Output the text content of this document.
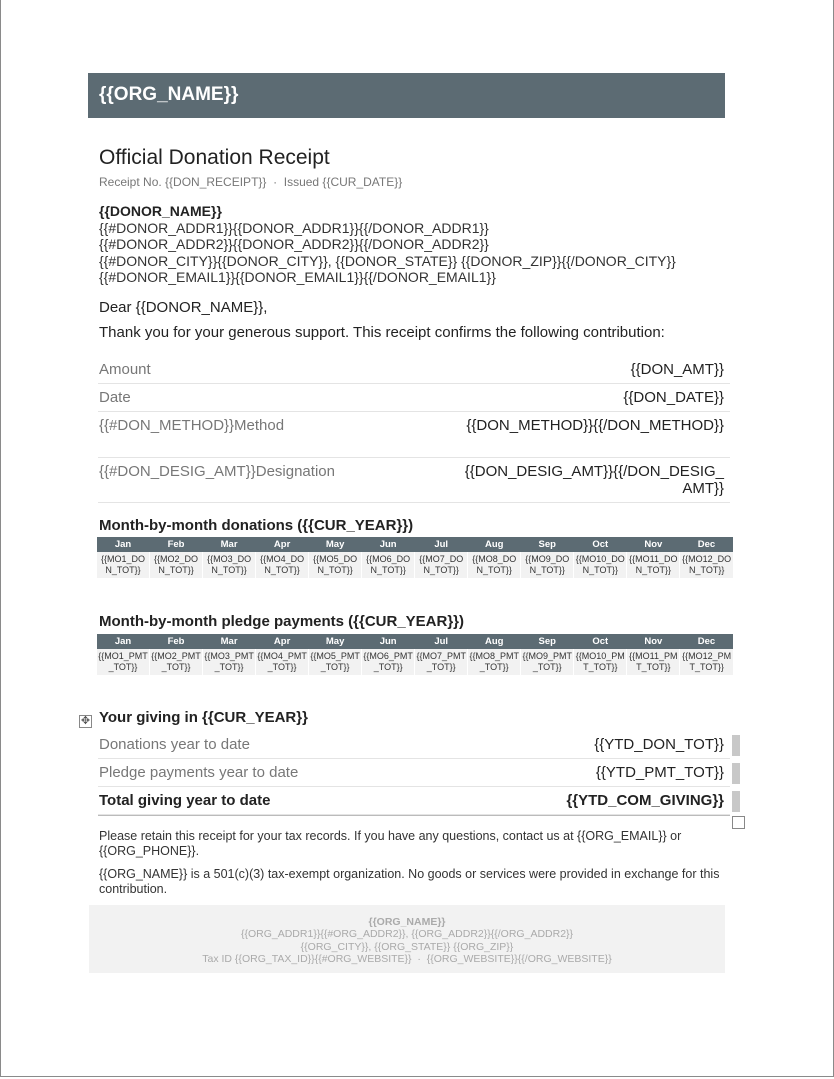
{{ORG_NAME}}
Official Donation Receipt
Receipt No. {{DON_RECEIPT}}  ·  Issued {{CUR_DATE}}
{{DONOR_NAME}}
{{#DONOR_ADDR1}}{{DONOR_ADDR1}}{{/DONOR_ADDR1}}
{{#DONOR_ADDR2}}{{DONOR_ADDR2}}{{/DONOR_ADDR2}}
{{#DONOR_CITY}}{{DONOR_CITY}}, {{DONOR_STATE}} {{DONOR_ZIP}}{{/DONOR_CITY}}
{{#DONOR_EMAIL1}}{{DONOR_EMAIL1}}{{/DONOR_EMAIL1}}
Dear {{DONOR_NAME}},
Thank you for your generous support. This receipt confirms the following contribution:
Amount	{{DON_AMT}}
Date	{{DON_DATE}}
{{#DON_METHOD}}Method	{{DON_METHOD}}{{/DON_METHOD}}
{{#DON_DESIG_AMT}}Designation	{{DON_DESIG_AMT}}{{/DON_DESIG_AMT}}
Month-by-month donations ({{CUR_YEAR}})
Jan	Feb	Mar	Apr	May	Jun	Jul	Aug	Sep	Oct	Nov	Dec
{{MO1_DON_TOT}}	{{MO2_DON_TOT}}	{{MO3_DON_TOT}}	{{MO4_DON_TOT}}	{{MO5_DON_TOT}}	{{MO6_DON_TOT}}	{{MO7_DON_TOT}}	{{MO8_DON_TOT}}	{{MO9_DON_TOT}}	{{MO10_DON_TOT}}	{{MO11_DON_TOT}}	{{MO12_DON_TOT}}
Month-by-month pledge payments ({{CUR_YEAR}})
Jan	Feb	Mar	Apr	May	Jun	Jul	Aug	Sep	Oct	Nov	Dec
{{MO1_PMT_TOT}}	{{MO2_PMT_TOT}}	{{MO3_PMT_TOT}}	{{MO4_PMT_TOT}}	{{MO5_PMT_TOT}}	{{MO6_PMT_TOT}}	{{MO7_PMT_TOT}}	{{MO8_PMT_TOT}}	{{MO9_PMT_TOT}}	{{MO10_PMT_TOT}}	{{MO11_PMT_TOT}}	{{MO12_PMT_TOT}}
✥ Your giving in {{CUR_YEAR}}
Donations year to date	{{YTD_DON_TOT}}
Pledge payments year to date	{{YTD_PMT_TOT}}
Total giving year to date	{{YTD_COM_GIVING}}
Please retain this receipt for your tax records. If you have any questions, contact us at {{ORG_EMAIL}} or {{ORG_PHONE}}.
{{ORG_NAME}} is a 501(c)(3) tax-exempt organization. No goods or services were provided in exchange for this contribution.
{{ORG_NAME}}
{{ORG_ADDR1}}{{#ORG_ADDR2}}, {{ORG_ADDR2}}{{/ORG_ADDR2}}
{{ORG_CITY}}, {{ORG_STATE}} {{ORG_ZIP}}
Tax ID {{ORG_TAX_ID}}{{#ORG_WEBSITE}}  ·  {{ORG_WEBSITE}}{{/ORG_WEBSITE}}
